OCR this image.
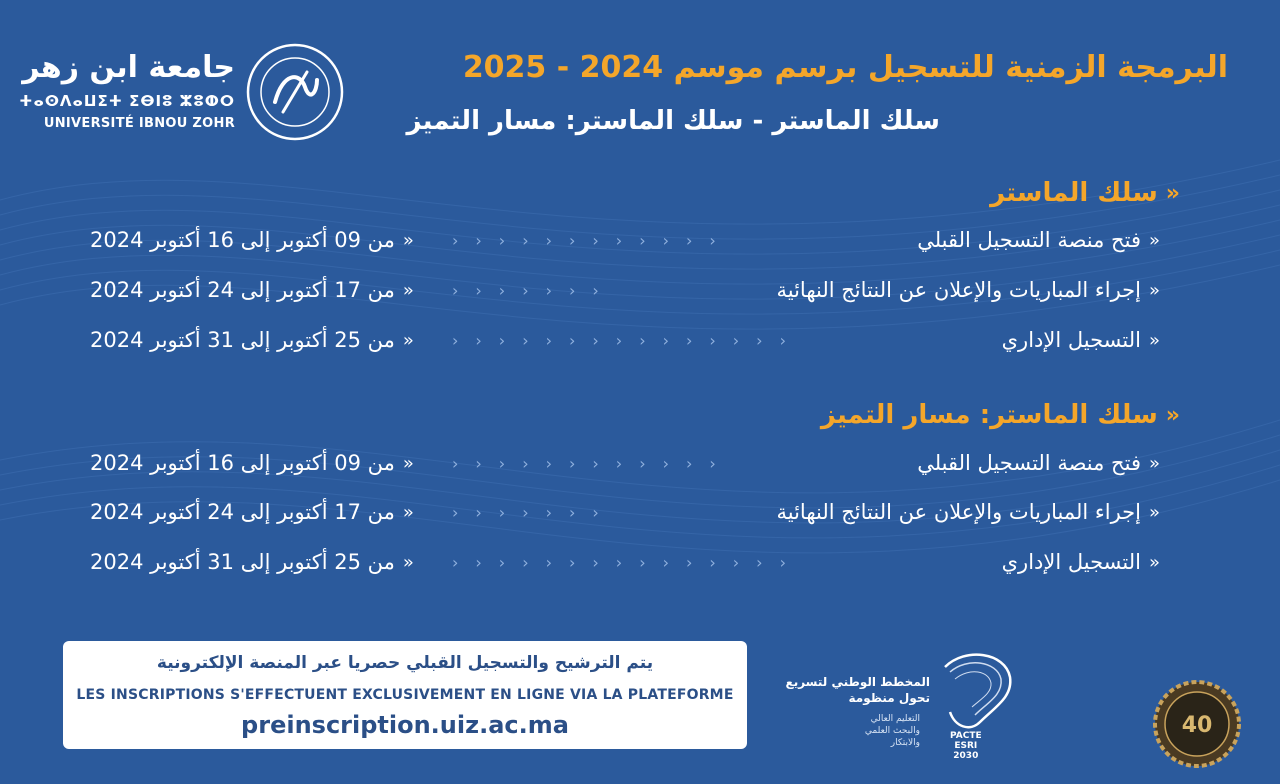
جامعة ابن زهر
ⵜⴰⵙⴷⴰⵡⵉⵜ ⵉⴱⵏⵓ ⵣⵓⵀⵔ
UNIVERSITÉ IBNOU ZOHR
البرمجة الزمنية للتسجيل برسم موسم 2024 - 2025
سلك الماستر - سلك الماستر: مسار التميز
«
سلك الماستر
«
فتح منصة التسجيل القبلي
››››››››››››
«
من 09 أكتوبر إلى 16 أكتوبر 2024
«
إجراء المباريات والإعلان عن النتائج النهائية
›››››››
«
من 17 أكتوبر إلى 24 أكتوبر 2024
«
التسجيل الإداري
›››››››››››››››
«
من 25 أكتوبر إلى 31 أكتوبر 2024
«
سلك الماستر: مسار التميز
«
فتح منصة التسجيل القبلي
››››››››››››
«
من 09 أكتوبر إلى 16 أكتوبر 2024
«
إجراء المباريات والإعلان عن النتائج النهائية
›››››››
«
من 17 أكتوبر إلى 24 أكتوبر 2024
«
التسجيل الإداري
›››››››››››››››
«
من 25 أكتوبر إلى 31 أكتوبر 2024
يتم الترشيح والتسجيل القبلي حصريا عبر المنصة الإلكترونية
LES INSCRIPTIONS S'EFFECTUENT EXCLUSIVEMENT EN LIGNE VIA LA PLATEFORME
preinscription.uiz.ac.ma
المخطط الوطني لتسريع
تحول منظومة
التعليم العالي
والبحث العلمي
والابتكار
PACTE
ESRI
2030
40
